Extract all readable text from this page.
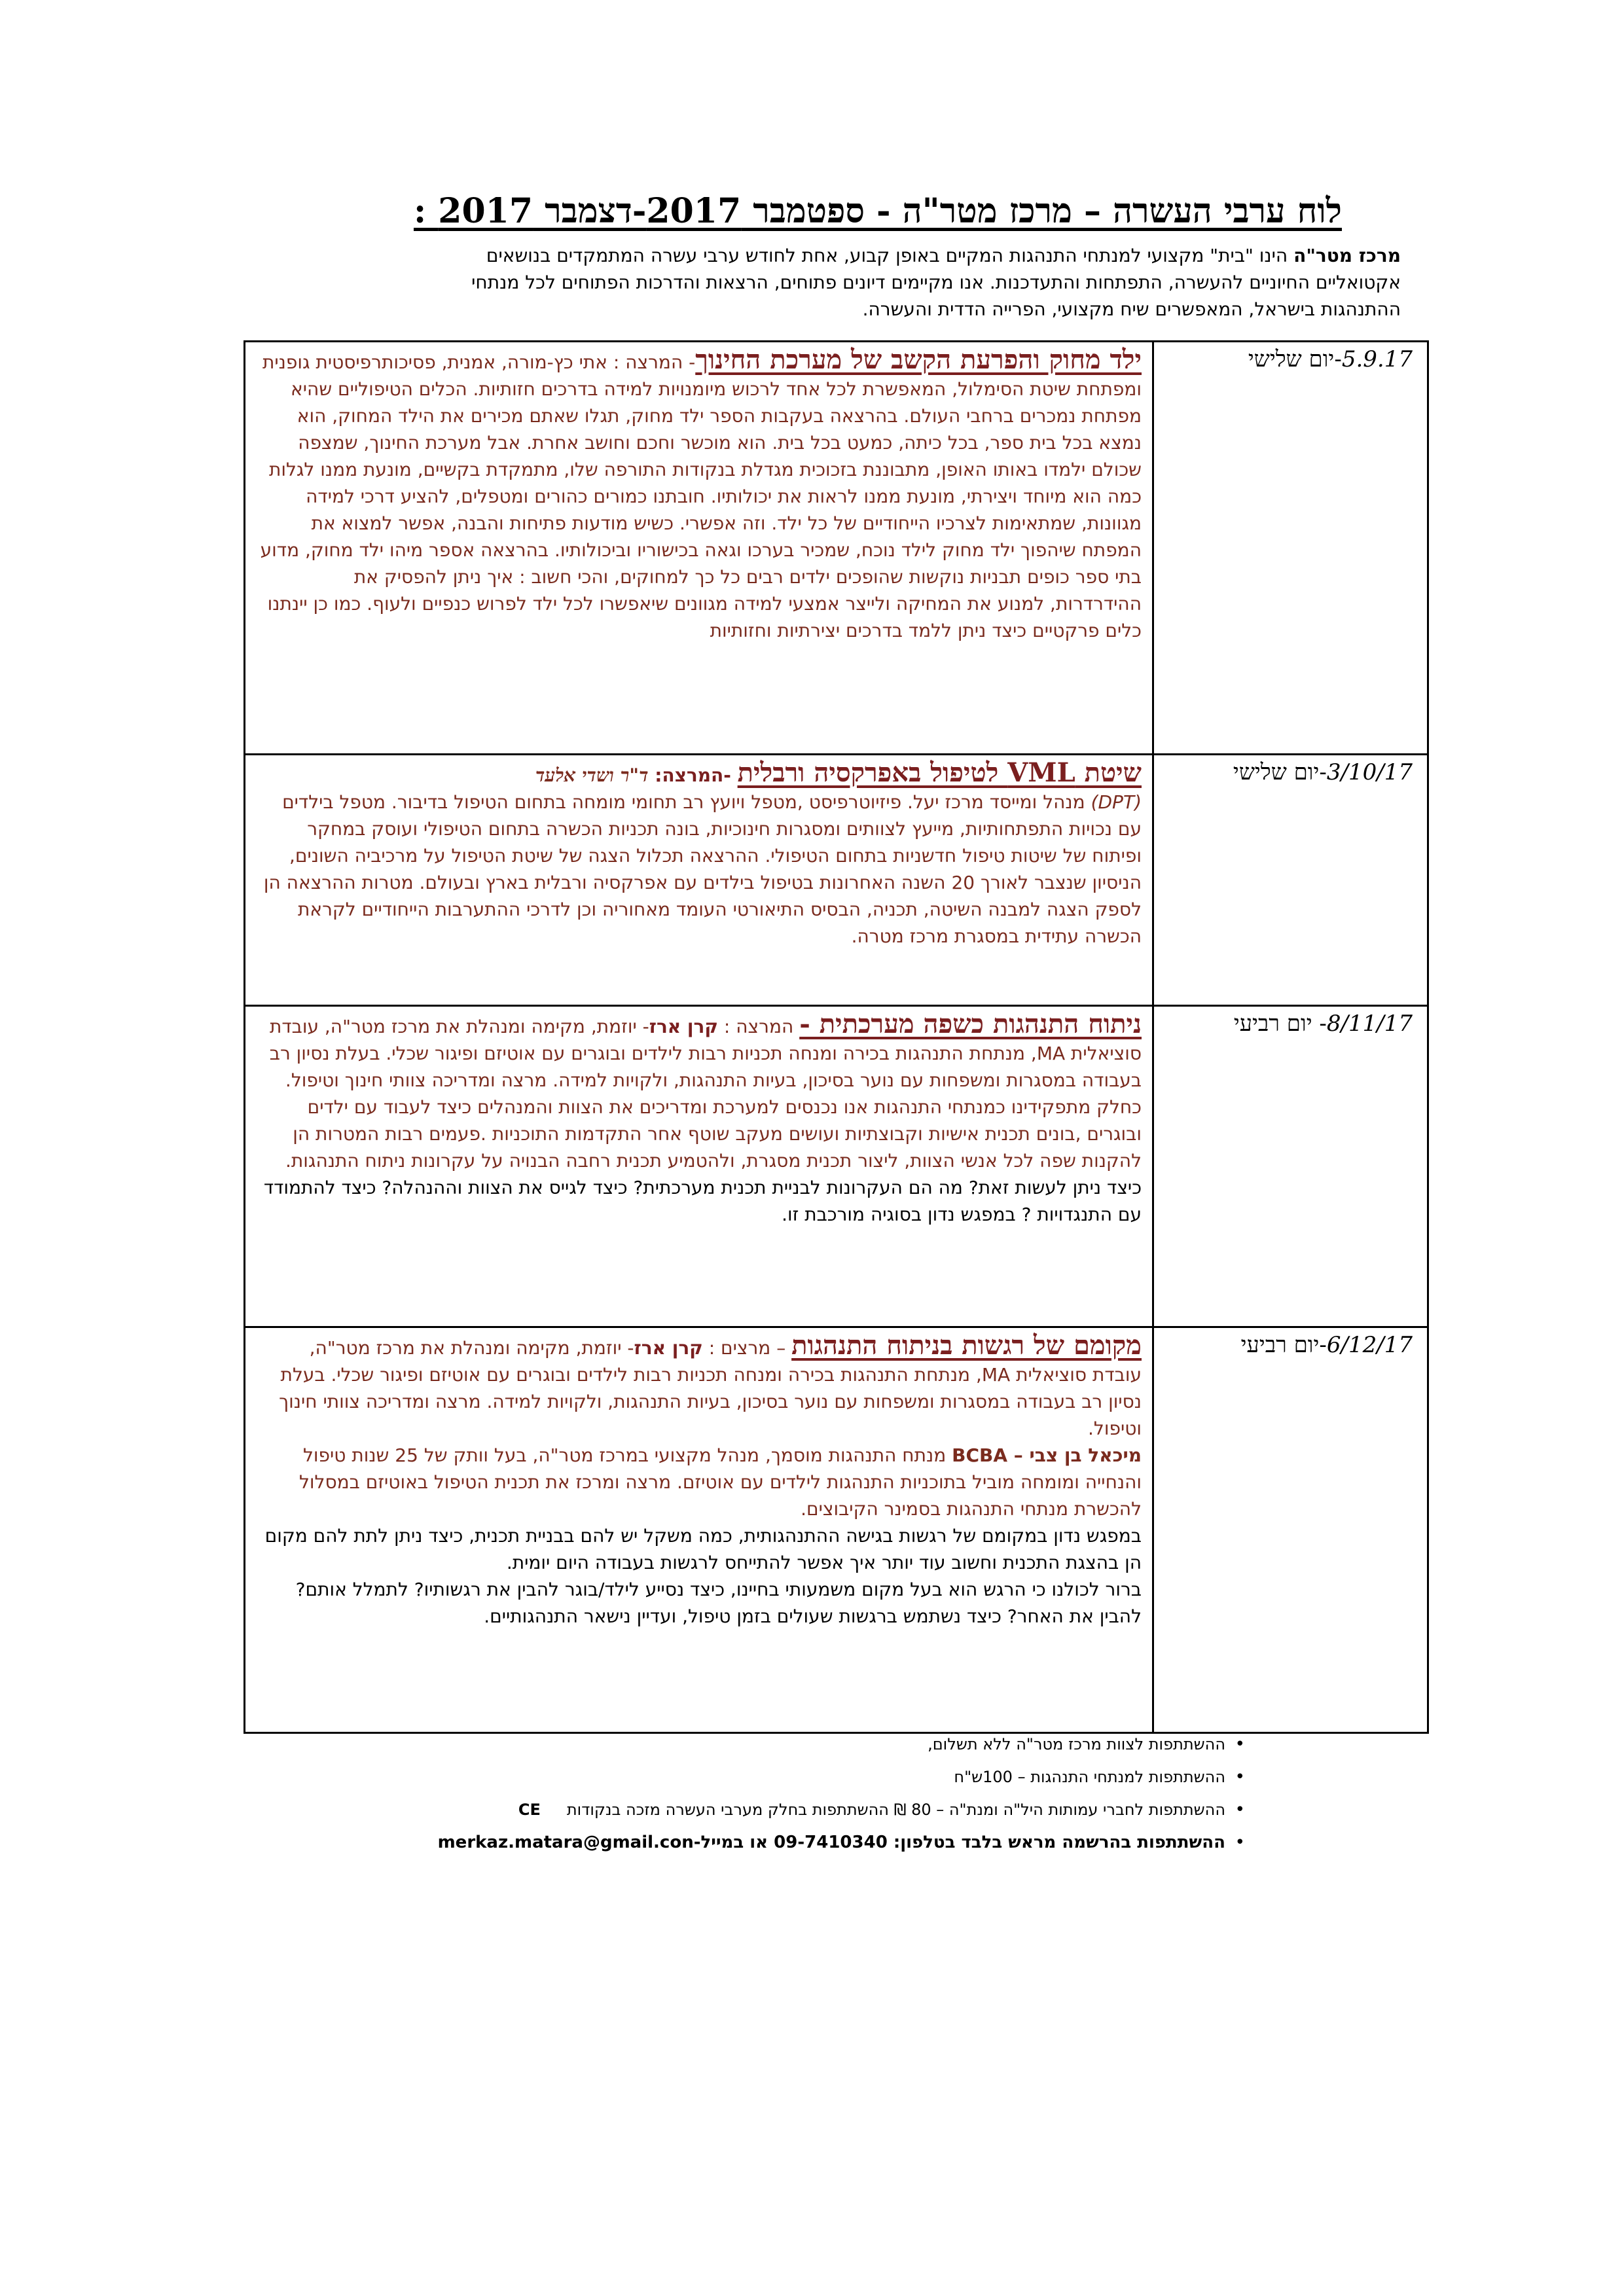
לוח ערבי העשרה – מרכז מטר"ה - ספטמבר 2017-דצמבר 2017 :
מרכז מטר"ה הינו "בית" מקצועי למנתחי התנהגות המקיים באופן קבוע, אחת לחודש ערבי עשרה המתמקדים בנושאים אקטואליים החיוניים להעשרה, התפתחות והתעדכנות. אנו מקיימים דיונים פתוחים, הרצאות והדרכות הפתוחים לכל מנתחי ההתנהגות בישראל, המאפשרים שיח מקצועי, הפרייה הדדית והעשרה.
5.9.17-יום שלישי	ילד מחוק והפרעת הקשב של מערכת החינוך- המרצה : אתי כץ-מורה, אמנית, פסיכותרפיסטית גופנית ומפתחת שיטת הסימלול, המאפשרת לכל אחד לרכוש מיומנויות למידה בדרכים חזותיות. הכלים הטיפוליים שהיא מפתחת נמכרים ברחבי העולם. בהרצאה בעקבות הספר ילד מחוק, תגלו שאתם מכירים את הילד המחוק, הוא נמצא בכל בית ספר, בכל כיתה, כמעט בכל בית. הוא מוכשר וחכם וחושב אחרת. אבל מערכת החינוך, שמצפה שכולם ילמדו באותו האופן, מתבוננת בזכוכית מגדלת בנקודות התורפה שלו, מתמקדת בקשיים, מונעת ממנו לגלות כמה הוא מיוחד ויצירתי, מונעת ממנו לראות את יכולותיו. חובתנו כמורים כהורים ומטפלים, להציע דרכי למידה מגוונות, שמתאימות לצרכיו הייחודיים של כל ילד. וזה אפשרי. כשיש מודעות פתיחות והבנה, אפשר למצוא את המפתח שיהפוך ילד מחוק לילד נוכח, שמכיר בערכו וגאה בכישוריו וביכולותיו. בהרצאה אספר מיהו ילד מחוק, מדוע בתי ספר כופים תבניות נוקשות שהופכים ילדים רבים כל כך למחוקים, והכי חשוב : איך ניתן להפסיק את ההידרדרות, למנוע את המחיקה ולייצר אמצעי למידה מגוונים שיאפשרו לכל ילד לפרוש כנפיים ולעוף. כמו כן יינתנו כלים פרקטיים כיצד ניתן ללמד בדרכים יצירתיות וחזותיות

3/10/17-יום שלישי	שיטת VML לטיפול באפרקסיה ורבלית -המרצה: ד"ר ושדי אלעד
(DPT) מנהל ומייסד מרכז יעל. פיזיוטרפיסט ,מטפל ויועץ רב תחומי מומחה בתחום הטיפול בדיבור. מטפל בילדים עם נכויות התפתחותיות, מייעץ לצוותים ומסגרות חינוכיות, בונה תכניות הכשרה בתחום הטיפולי ועוסק במחקר ופיתוח של שיטות טיפול חדשניות בתחום הטיפולי. ההרצאה תכלול הצגה של שיטת הטיפול על מרכיביה השונים, הניסיון שנצבר לאורך 20 השנה האחרונות בטיפול בילדים עם אפרקסיה ורבלית בארץ ובעולם. מטרות ההרצאה הן לספק הצגה למבנה השיטה, תכניה, הבסיס התיאורטי העומד מאחוריה וכן לדרכי ההתערבות הייחודיים לקראת הכשרה עתידית במסגרת מרכז מטרה.

8/11/17- יום רביעי	ניתוח התנהגות כשפה מערכתית - המרצה : קרן ארז- יוזמת, מקימה ומנהלת את מרכז מטר"ה, עובדת סוציאלית MA, מנתחת התנהגות בכירה ומנחה תכניות רבות לילדים ובוגרים עם אוטיזם ופיגור שכלי. בעלת נסיון רב בעבודה במסגרות ומשפחות עם נוער בסיכון, בעיות התנהגות, ולקויות למידה. מרצה ומדריכה צוותי חינוך וטיפול. כחלק מתפקידינו כמנתחי התנהגות אנו נכנסים למערכת ומדריכים את הצוות והמנהלים כיצד לעבוד עם ילדים ובוגרים ,בונים תכנית אישיות וקבוצתיות ועושים מעקב שוטף אחר התקדמות התוכניות .פעמים רבות המטרות הן להקנות שפה לכל אנשי הצוות, ליצור תכנית מסגרת, ולהטמיע תכנית רחבה הבנויה על עקרונות ניתוח התנהגות.
כיצד ניתן לעשות זאת? מה הם העקרונות לבניית תכנית מערכתית? כיצד לגייס את הצוות וההנהלה? כיצד להתמודד עם התנגדויות ? במפגש נדון בסוגיה מורכבת זו.

6/12/17-יום רביעי	מקומם של רגשות בניתוח התנהגות – מרצים : קרן ארז- יוזמת, מקימה ומנהלת את מרכז מטר"ה, עובדת סוציאלית MA, מנתחת התנהגות בכירה ומנחה תכניות רבות לילדים ובוגרים עם אוטיזם ופיגור שכלי. בעלת נסיון רב בעבודה במסגרות ומשפחות עם נוער בסיכון, בעיות התנהגות, ולקויות למידה. מרצה ומדריכה צוותי חינוך וטיפול.
מיכאל בן צבי – BCBA מנתח התנהגות מוסמך, מנהל מקצועי במרכז מטר"ה, בעל וותק של 25 שנות טיפול והנחייה ומומחה מוביל בתוכניות התנהגות לילדים עם אוטיזם. מרצה ומרכז את תכנית הטיפול באוטיזם במסלול להכשרת מנתחי התנהגות בסמינר הקיבוצים.
במפגש נדון במקומם של רגשות בגישה ההתנהגותית, כמה משקל יש להם בבניית תכנית, כיצד ניתן לתת להם מקום הן בהצגת התכנית וחשוב עוד יותר איך אפשר להתייחס לרגשות בעבודה היום יומית.
ברור לכולנו כי הרגש הוא בעל מקום משמעותי בחיינו, כיצד נסייע לילד/בוגר להבין את רגשותיו? לתמלל אותם? להבין את האחר? כיצד נשתמש ברגשות שעולים בזמן טיפול, ועדיין נישאר התנהגותיים.
•
ההשתתפות לצוות מרכז מטר"ה ללא תשלום,
•
ההשתתפות למנתחי התנהגות – 100ש"ח
•
ההשתתפות לחברי עמותות היל"ה ומנת"ה – 80 ₪ ההשתתפות בחלק מערבי העשרה מזכה בנקודותCE
•
ההשתתפות בהרשמה מראש בלבד בטלפון: 09-7410340 או במייל-merkaz.matara@gmail.con
